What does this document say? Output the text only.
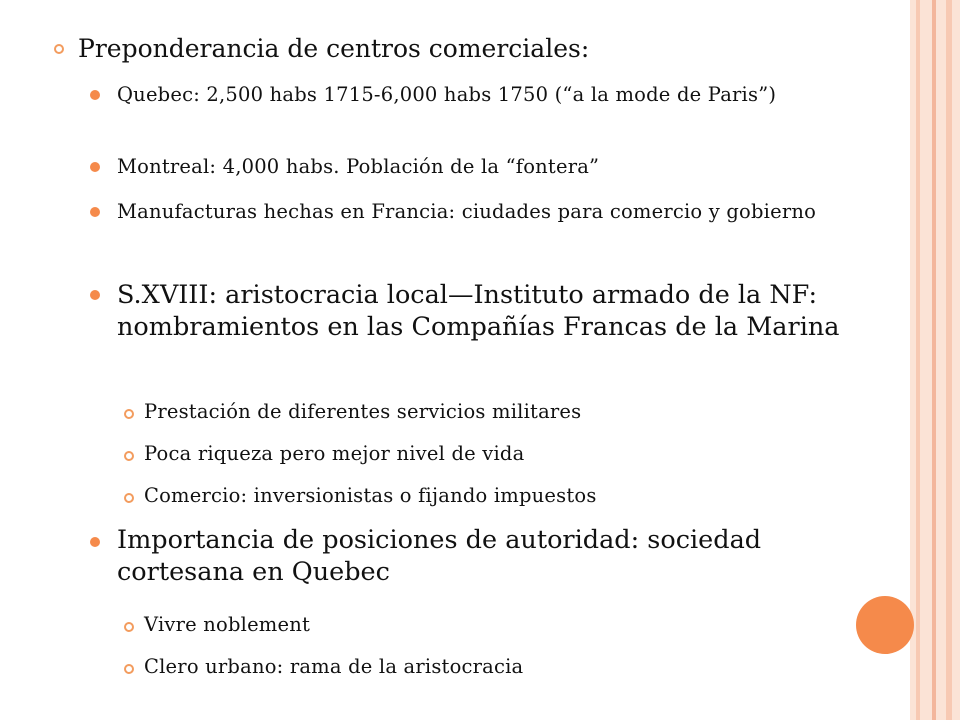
Preponderancia de centros comerciales:

Quebec: 2,500 habs 1715-6,000 habs 1750 (“a la mode de Paris”)

Montreal: 4,000 habs. Población de la “fontera”

Manufacturas hechas en Francia: ciudades para comercio y gobierno

S.XVIII: aristocracia local—Instituto armado de la NF: nombramientos en las Compañías Francas de la Marina

Prestación de diferentes servicios militares

Poca riqueza pero mejor nivel de vida

Comercio: inversionistas o fijando impuestos

Importancia de posiciones de autoridad: sociedad cortesana en Quebec

Vivre noblement

Clero urbano: rama de la aristocracia
